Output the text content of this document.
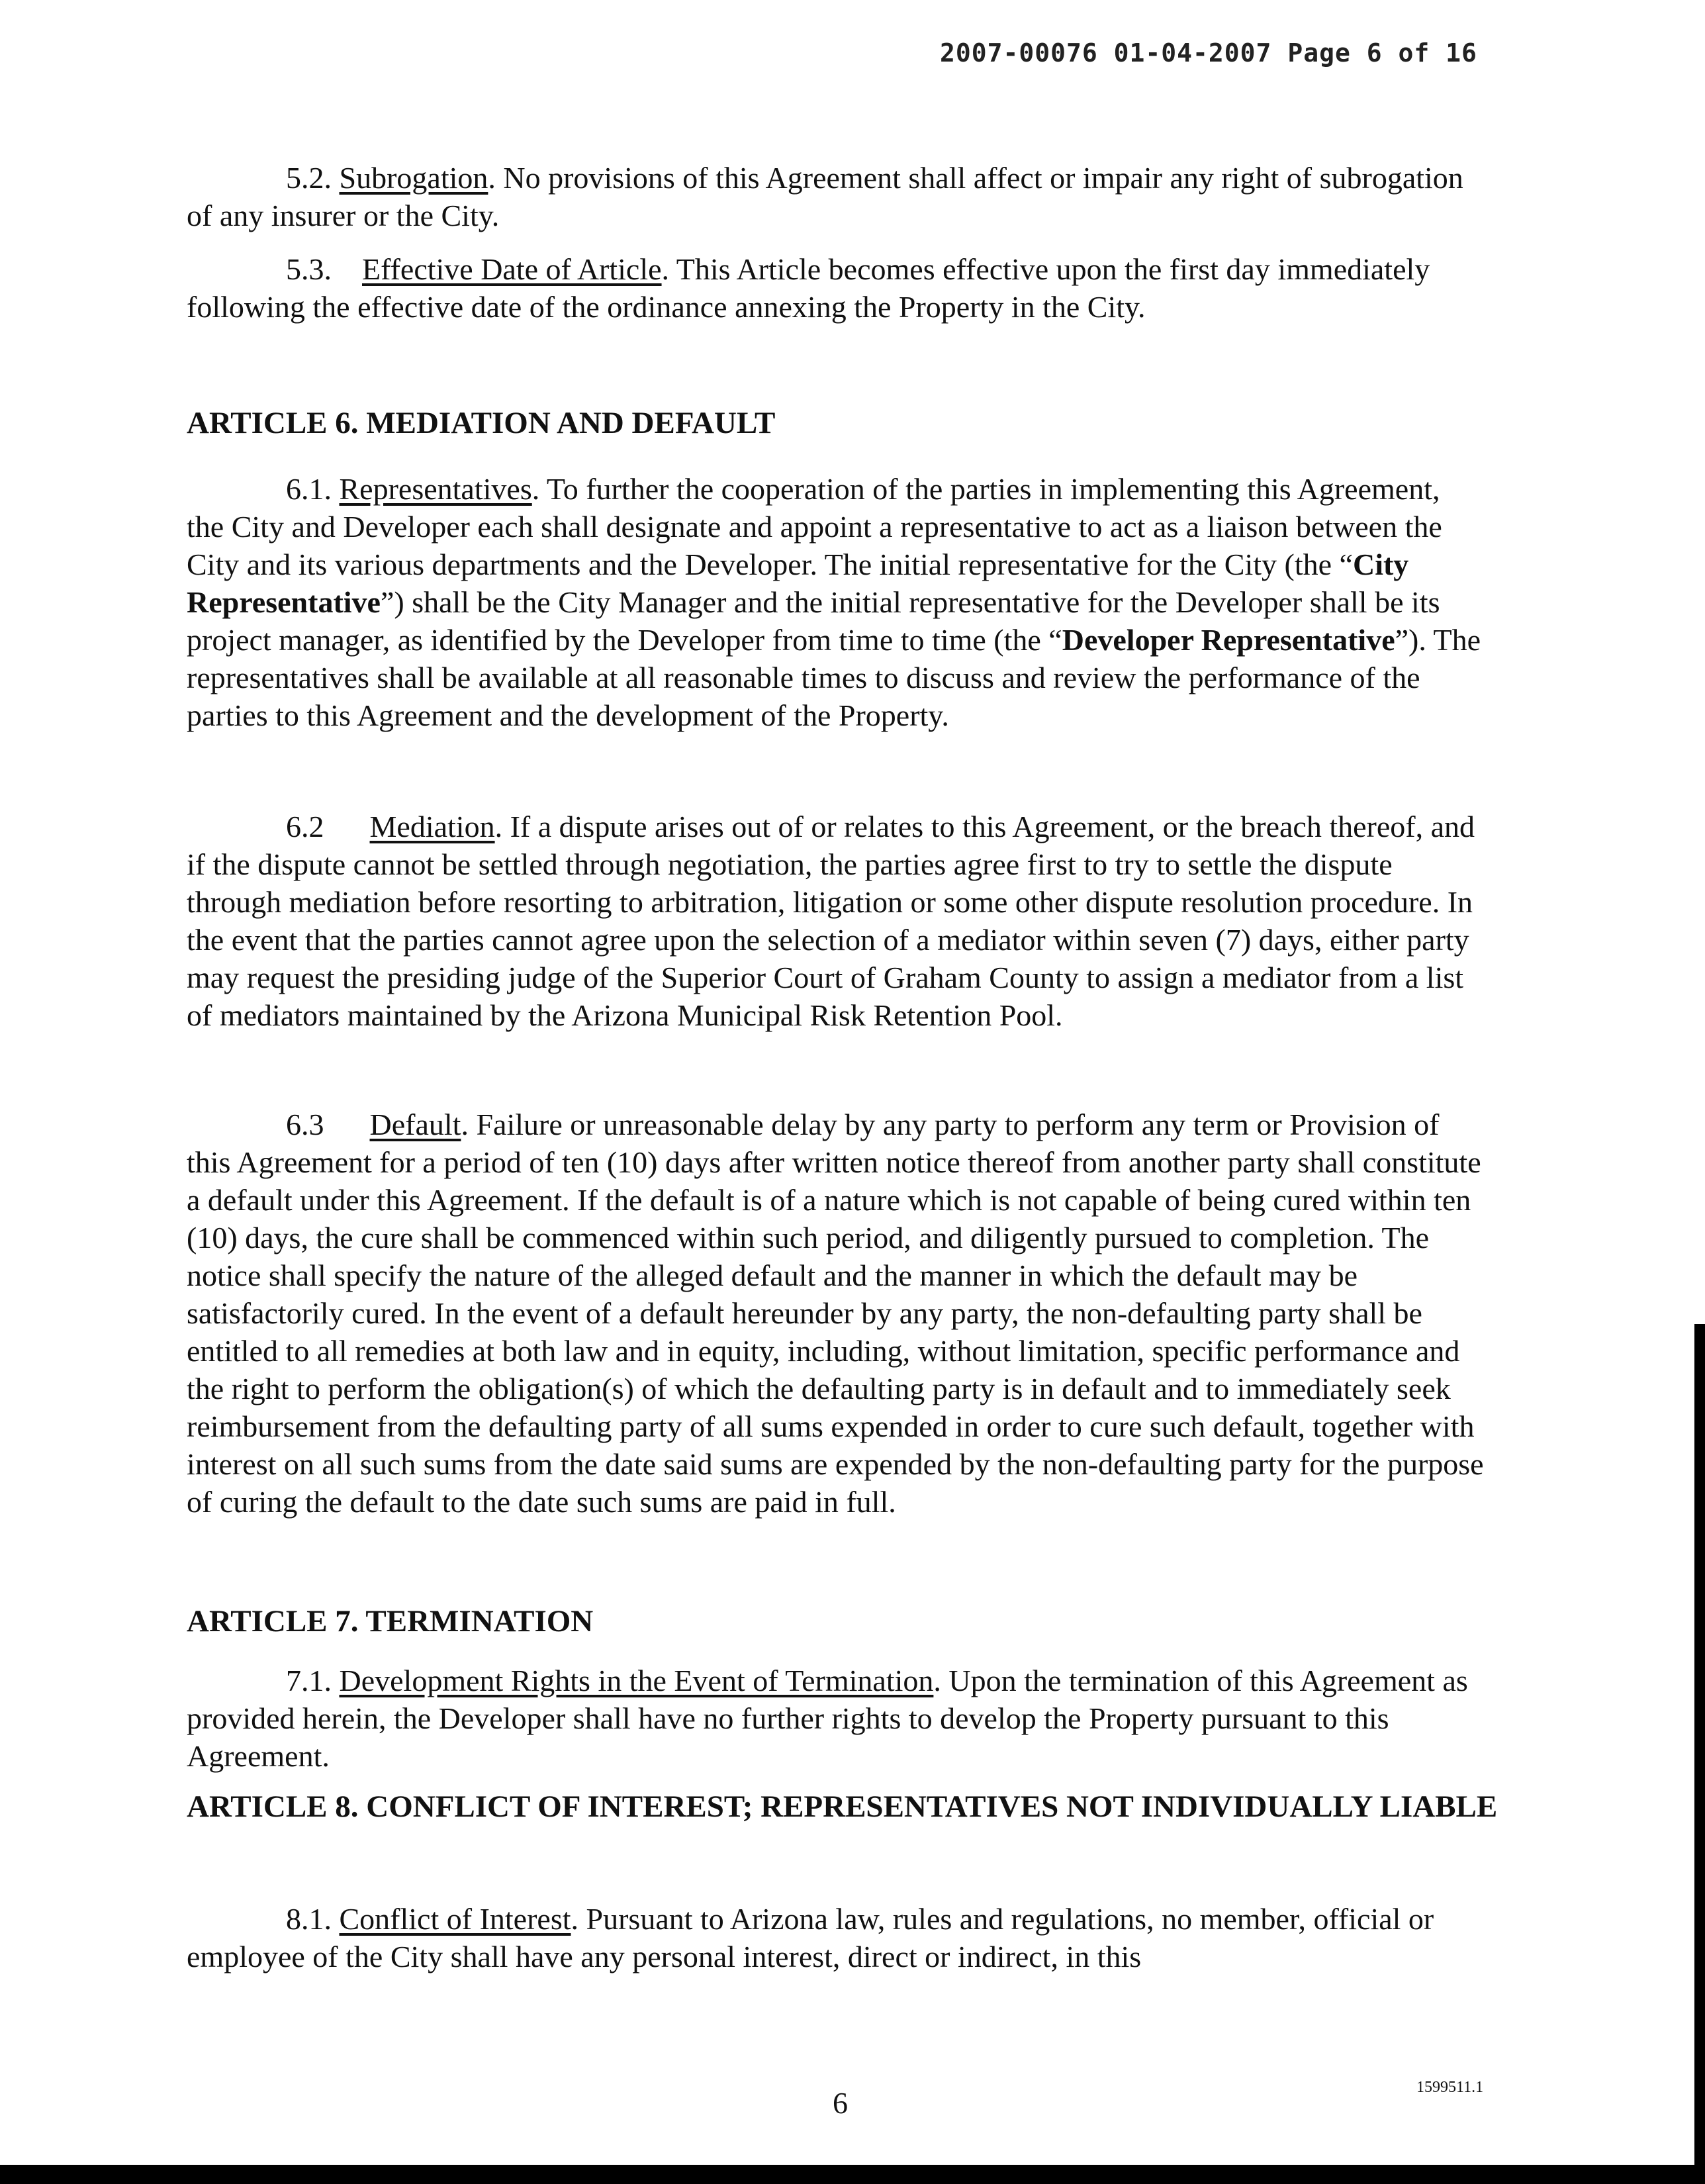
2007-00076 01-04-2007 Page 6 of 16

5.2. Subrogation. No provisions of this Agreement shall affect or impair any right of subrogation of any insurer or the City.

5.3. Effective Date of Article. This Article becomes effective upon the first day immediately following the effective date of the ordinance annexing the Property in the City.

ARTICLE 6. MEDIATION AND DEFAULT

6.1. Representatives. To further the cooperation of the parties in implementing this Agreement, the City and Developer each shall designate and appoint a representative to act as a liaison between the City and its various departments and the Developer. The initial representative for the City (the “City Representative”) shall be the City Manager and the initial representative for the Developer shall be its project manager, as identified by the Developer from time to time (the “Developer Representative”). The representatives shall be available at all reasonable times to discuss and review the performance of the parties to this Agreement and the development of the Property.

6.2 Mediation. If a dispute arises out of or relates to this Agreement, or the breach thereof, and if the dispute cannot be settled through negotiation, the parties agree first to try to settle the dispute through mediation before resorting to arbitration, litigation or some other dispute resolution procedure. In the event that the parties cannot agree upon the selection of a mediator within seven (7) days, either party may request the presiding judge of the Superior Court of Graham County to assign a mediator from a list of mediators maintained by the Arizona Municipal Risk Retention Pool.

6.3 Default. Failure or unreasonable delay by any party to perform any term or Provision of this Agreement for a period of ten (10) days after written notice thereof from another party shall constitute a default under this Agreement. If the default is of a nature which is not capable of being cured within ten (10) days, the cure shall be commenced within such period, and diligently pursued to completion. The notice shall specify the nature of the alleged default and the manner in which the default may be satisfactorily cured. In the event of a default hereunder by any party, the non-defaulting party shall be entitled to all remedies at both law and in equity, including, without limitation, specific performance and the right to perform the obligation(s) of which the defaulting party is in default and to immediately seek reimbursement from the defaulting party of all sums expended in order to cure such default, together with interest on all such sums from the date said sums are expended by the non-defaulting party for the purpose of curing the default to the date such sums are paid in full.

ARTICLE 7. TERMINATION

7.1. Development Rights in the Event of Termination. Upon the termination of this Agreement as provided herein, the Developer shall have no further rights to develop the Property pursuant to this Agreement.

ARTICLE 8. CONFLICT OF INTEREST; REPRESENTATIVES NOT INDIVIDUALLY LIABLE

8.1. Conflict of Interest. Pursuant to Arizona law, rules and regulations, no member, official or employee of the City shall have any personal interest, direct or indirect, in this

6	1599511.1
